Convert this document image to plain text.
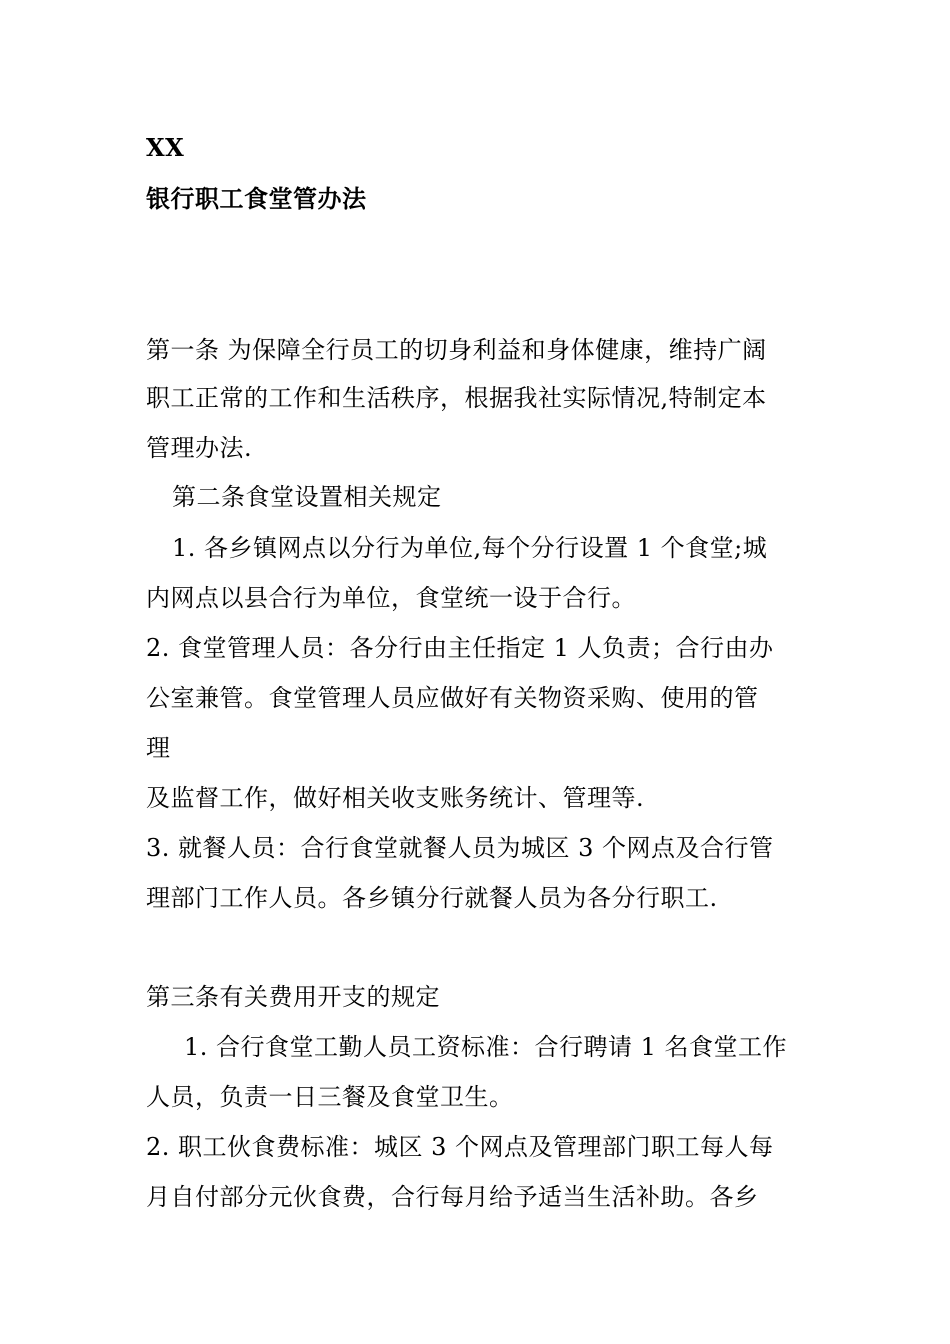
XX
银行职工食堂管办法
第一条 为保障全行员工的切身利益和身体健康，维持广阔
职工正常的工作和生活秩序，根据我社实际情况,特制定本
管理办法.
第二条食堂设置相关规定
1. 各乡镇网点以分行为单位,每个分行设置 1 个食堂;城
内网点以县合行为单位，食堂统一设于合行。
2. 食堂管理人员：各分行由主任指定 1 人负责；合行由办
公室兼管。食堂管理人员应做好有关物资采购、使用的管
理
及监督工作，做好相关收支账务统计、管理等.
3. 就餐人员：合行食堂就餐人员为城区 3 个网点及合行管
理部门工作人员。各乡镇分行就餐人员为各分行职工.
第三条有关费用开支的规定
1. 合行食堂工勤人员工资标准：合行聘请 1 名食堂工作
人员，负责一日三餐及食堂卫生。
2. 职工伙食费标准：城区 3 个网点及管理部门职工每人每
月自付部分元伙食费，合行每月给予适当生活补助。各乡
